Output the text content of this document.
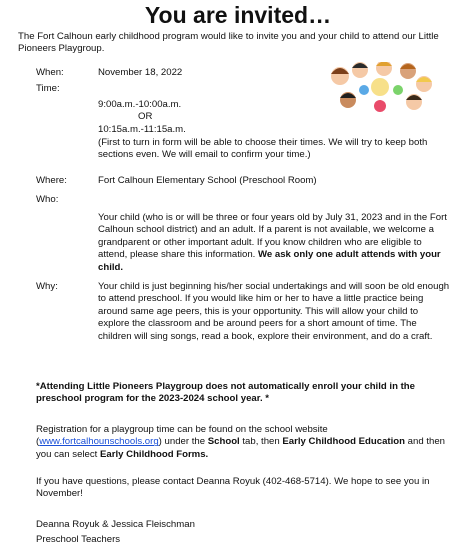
You are invited…
The Fort Calhoun early childhood program would like to invite you and your child to attend our Little Pioneers Playgroup.
When:	November 18, 2022
Time:
9:00a.m.-10:00a.m.
OR
10:15a.m.-11:15a.m.
(First to turn in form will be able to choose their times. We will try to keep both sections even. We will email to confirm your time.)
Where:	Fort Calhoun Elementary School (Preschool Room)
Who:
Your child (who is or will be three or four years old by July 31, 2023 and in the Fort Calhoun school district) and an adult. If a parent is not available, we welcome a grandparent or other important adult. If you know children who are eligible to attend, please share this information. We ask only one adult attends with your child.
Why:	Your child is just beginning his/her social undertakings and will soon be old enough to attend preschool. If you would like him or her to have a little practice being around same age peers, this is your opportunity. This will allow your child to explore the classroom and be around peers for a short amount of time. The children will sing songs, read a book, explore their environment, and do a craft.
*Attending Little Pioneers Playgroup does not automatically enroll your child in the preschool program for the 2023-2024 school year. *
Registration for a playgroup time can be found on the school website (www.fortcalhounschools.org) under the School tab, then Early Childhood Education and then you can select Early Childhood Forms.
If you have questions, please contact Deanna Royuk (402-468-5714). We hope to see you in November!
Deanna Royuk & Jessica Fleischman
Preschool Teachers
